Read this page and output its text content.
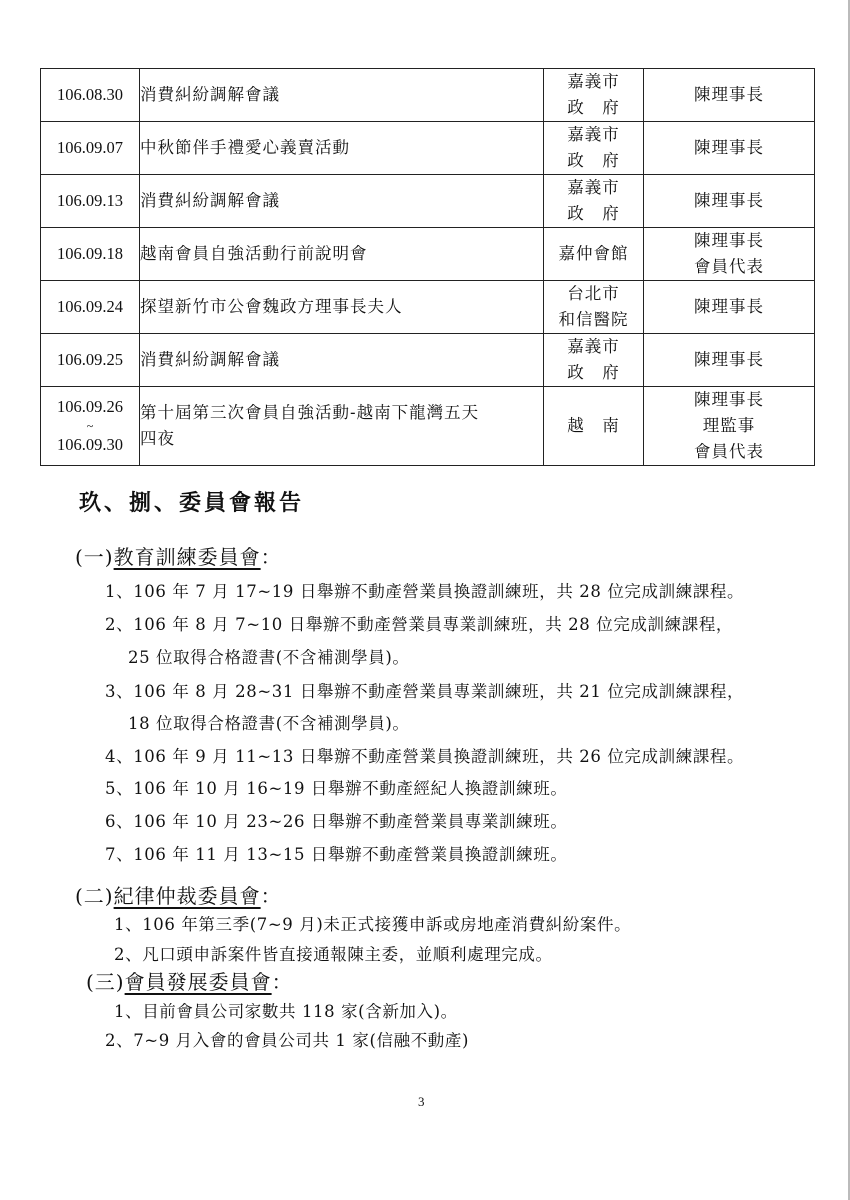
106.08.30	消費糾紛調解會議	嘉義市
政　府	陳理事長

106.09.07	中秋節伴手禮愛心義賣活動	嘉義市
政　府	陳理事長

106.09.13	消費糾紛調解會議	嘉義市
政　府	陳理事長

106.09.18	越南會員自強活動行前說明會	嘉仲會館	陳理事長
會員代表

106.09.24	探望新竹市公會魏政方理事長夫人	台北市
和信醫院	陳理事長

106.09.25	消費糾紛調解會議	嘉義市
政　府	陳理事長

106.09.26
~
106.09.30	第十屆第三次會員自強活動-越南下龍灣五天
四夜	越　南	陳理事長
理監事
會員代表
玖、捌、委員會報告
(一)教育訓練委員會：
1、106 年 7 月 17~19 日舉辦不動產營業員換證訓練班，共 28 位完成訓練課程。
2、106 年 8 月 7~10 日舉辦不動產營業員專業訓練班，共 28 位完成訓練課程，
25 位取得合格證書(不含補測學員)。
3、106 年 8 月 28~31 日舉辦不動產營業員專業訓練班，共 21 位完成訓練課程，
18 位取得合格證書(不含補測學員)。
4、106 年 9 月 11~13 日舉辦不動產營業員換證訓練班，共 26 位完成訓練課程。
5、106 年 10 月 16~19 日舉辦不動產經紀人換證訓練班。
6、106 年 10 月 23~26 日舉辦不動產營業員專業訓練班。
7、106 年 11 月 13~15 日舉辦不動產營業員換證訓練班。
(二)紀律仲裁委員會：
1、106 年第三季(7~9 月)未正式接獲申訴或房地產消費糾紛案件。
2、凡口頭申訴案件皆直接通報陳主委，並順利處理完成。
(三)會員發展委員會：
1、目前會員公司家數共 118 家(含新加入)。
2、7~9 月入會的會員公司共 1 家(信融不動產)
3
